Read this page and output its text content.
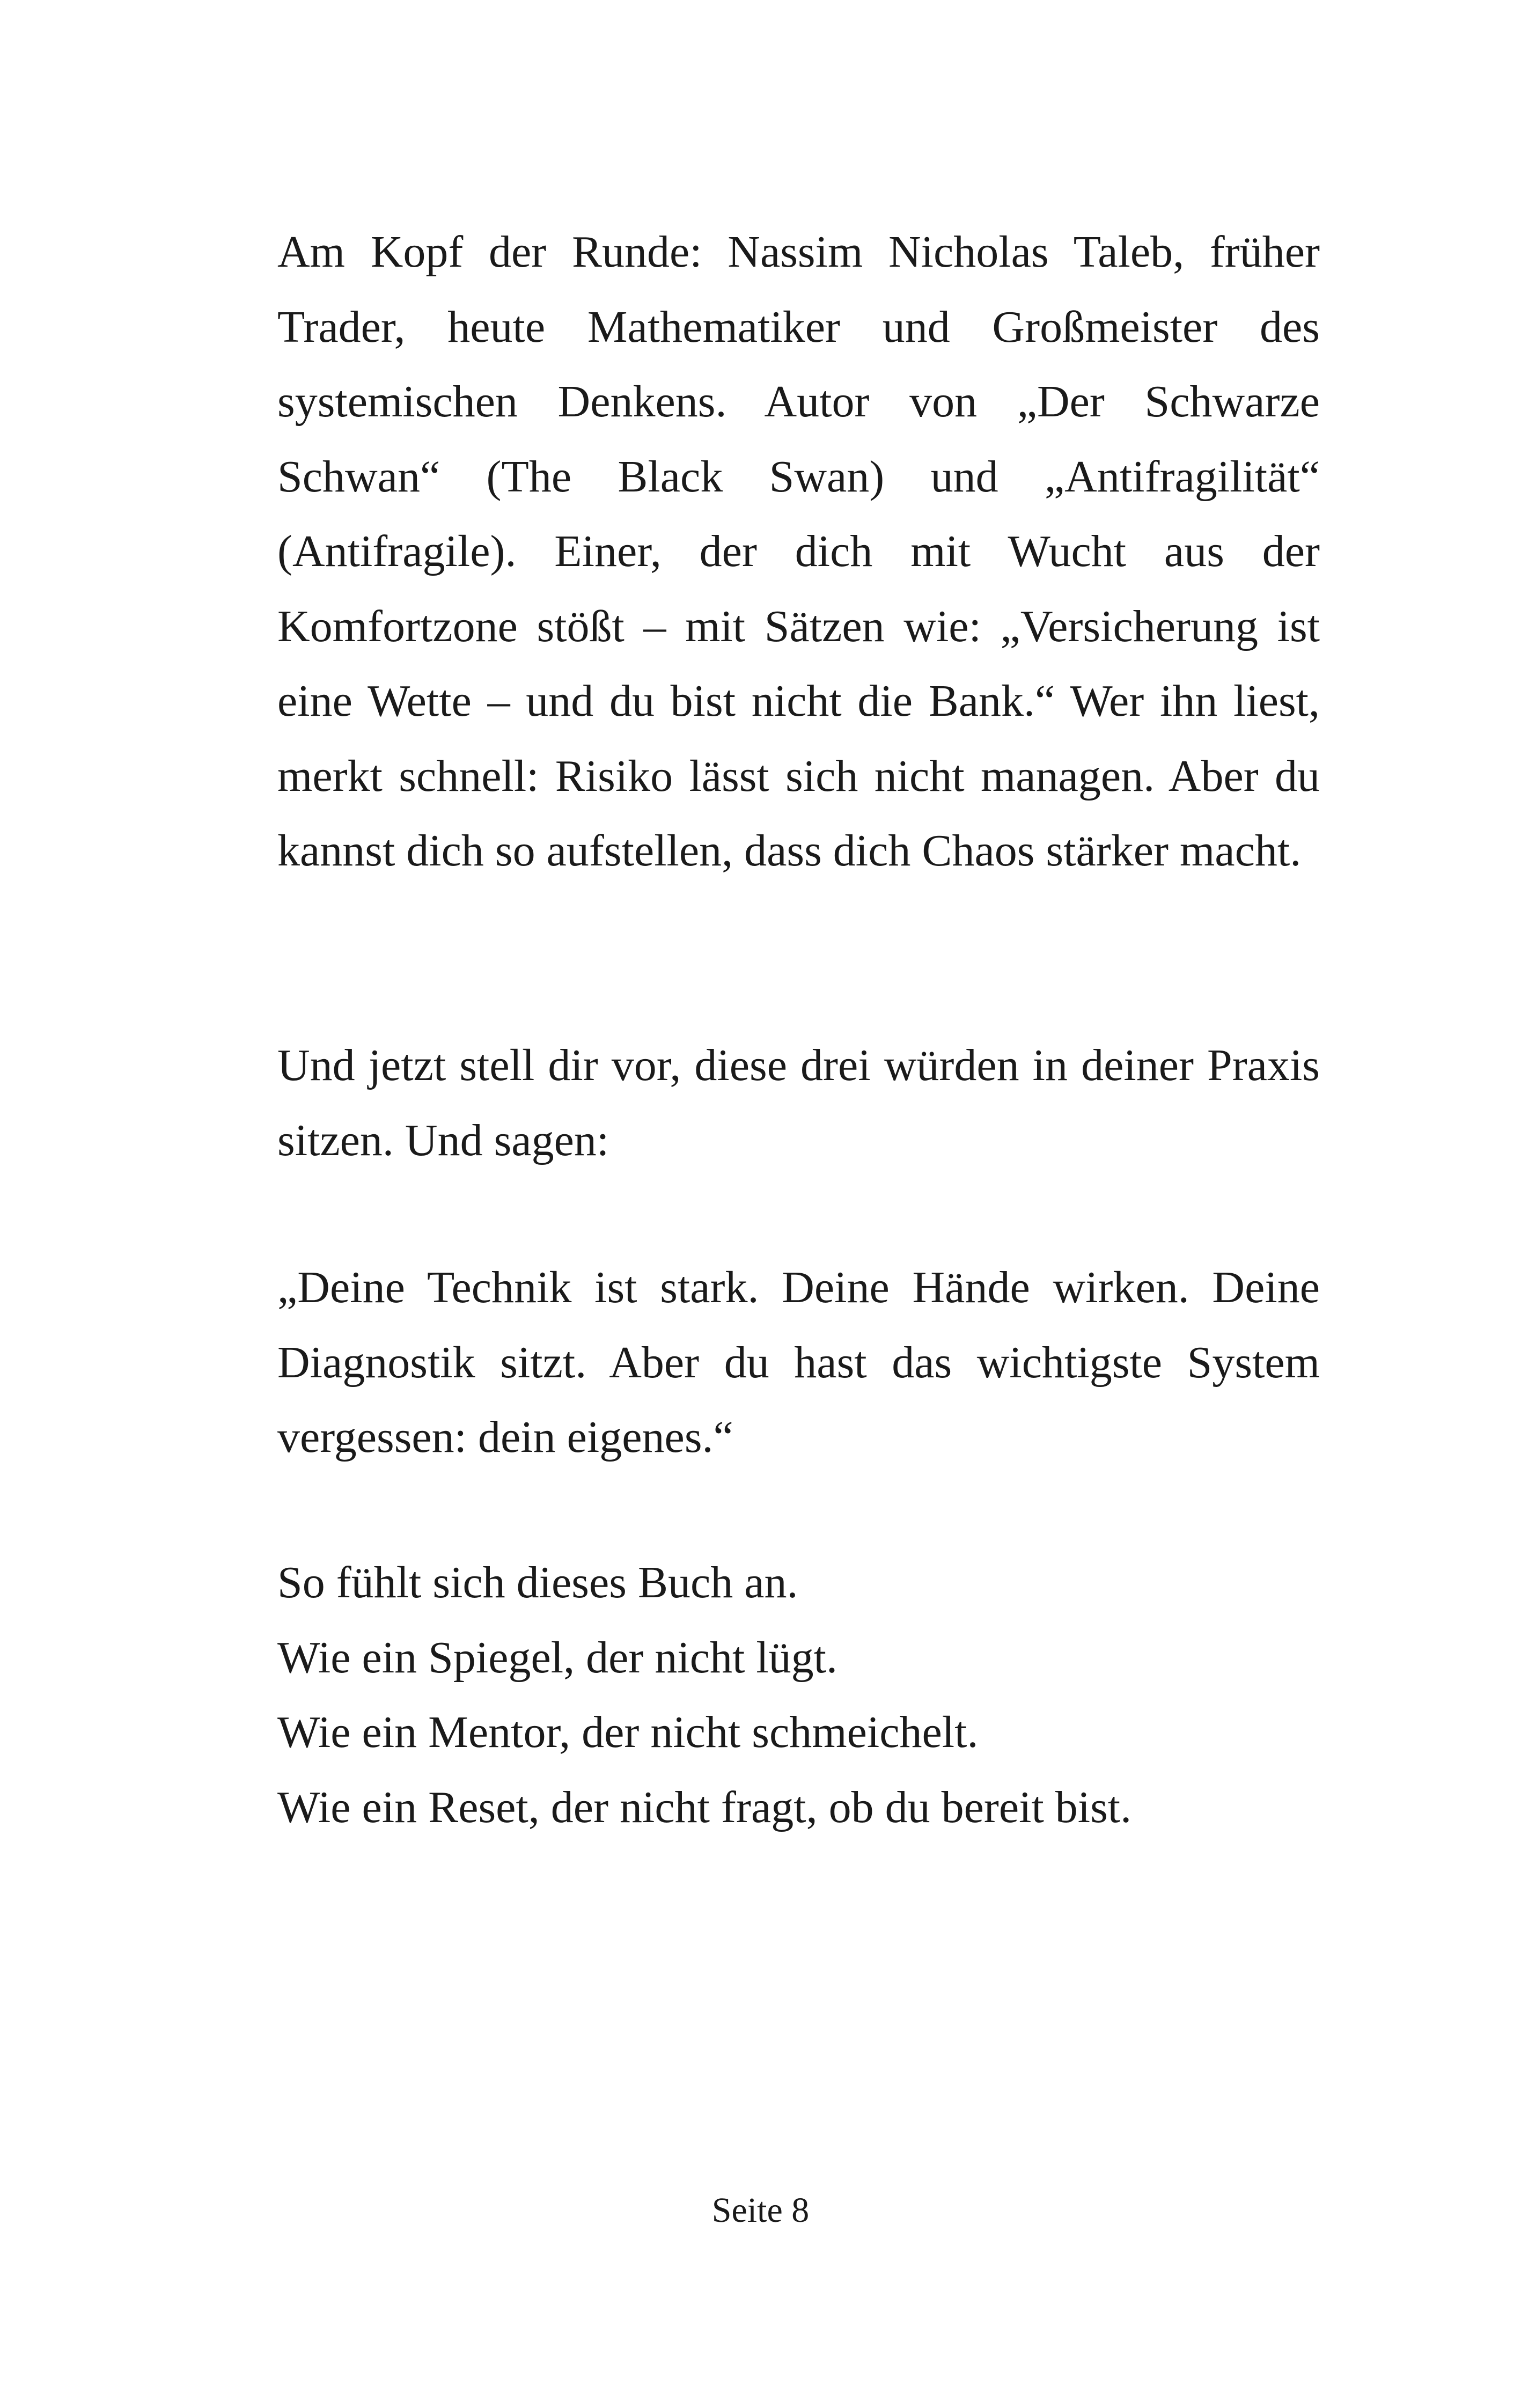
Am Kopf der Runde: Nassim Nicholas Taleb, früher Trader, heute Mathematiker und Großmeister des systemischen Denkens. Autor von „Der Schwarze Schwan“ (The Black Swan) und „Antifragilität“ (Antifragile). Einer, der dich mit Wucht aus der Komfortzone stößt – mit Sätzen wie: „Versicherung ist eine Wette – und du bist nicht die Bank.“ Wer ihn liest, merkt schnell: Risiko lässt sich nicht managen. Aber du kannst dich so aufstellen, dass dich Chaos stärker macht.

Und jetzt stell dir vor, diese drei würden in deiner Praxis sitzen. Und sagen:

„Deine Technik ist stark. Deine Hände wirken. Deine Diagnostik sitzt. Aber du hast das wichtigste System vergessen: dein eigenes.“

So fühlt sich dieses Buch an.
Wie ein Spiegel, der nicht lügt.
Wie ein Mentor, der nicht schmeichelt.
Wie ein Reset, der nicht fragt, ob du bereit bist.
Seite 8
